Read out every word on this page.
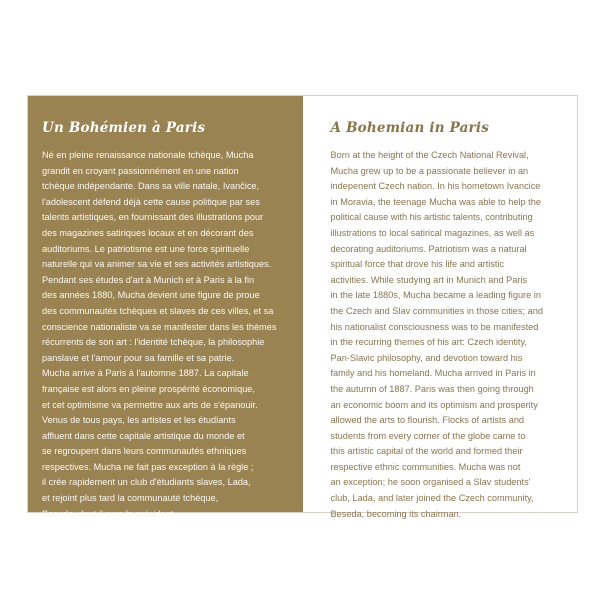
Un Bohémien à Paris

Né en pleine renaissance nationale tchèque, Mucha
grandit en croyant passionnément en une nation
tchèque indépendante. Dans sa ville natale, Ivančice,
l'adolescent défend déjà cette cause politique par ses
talents artistiques, en fournissant des illustrations pour
des magazines satiriques locaux et en décorant des
auditoriums. Le patriotisme est une force spirituelle
naturelle qui va animer sa vie et ses activités artistiques.
Pendant ses études d'art à Munich et à Paris à la fin
des années 1880, Mucha devient une figure de proue
des communautés tchèques et slaves de ces villes, et sa
conscience nationaliste va se manifester dans les thèmes
récurrents de son art : l'identité tchèque, la philosophie
panslave et l'amour pour sa famille et sa patrie.
Mucha arrive à Paris à l'automne 1887. La capitale
française est alors en pleine prospérité économique,
et cet optimisme va permettre aux arts de s'épanouir.
Venus de tous pays, les artistes et les étudiants
affluent dans cette capitale artistique du monde et
se regroupent dans leurs communautés ethniques
respectives. Mucha ne fait pas exception à la règle ;
il crée rapidement un club d'étudiants slaves, Lada,
et rejoint plus tard la communauté tchèque,
Beseda, dont il sera le président.

A Bohemian in Paris

Born at the height of the Czech National Revival,
Mucha grew up to be a passionate believer in an
indepenent Czech nation. In his hometown Ivancice
in Moravia, the teenage Mucha was able to help the
political cause with his artistic talents, contributing
illustrations to local satirical magazines, as well as
decorating auditoriums. Patriotism was a natural
spiritual force that drove his life and artistic
activities. While studying art in Munich and Paris
in the late 1880s, Mucha became a leading figure in
the Czech and Slav communities in those cities; and
his nationalist consciousness was to be manifested
in the recurring themes of his art: Czech identity,
Pan-Slavic philosophy, and devotion toward his
family and his homeland. Mucha arrived in Paris in
the autumn of 1887. Paris was then going through
an economic boom and its optimism and prosperity
allowed the arts to flourish. Flocks of artists and
students from every corner of the globe came to
this artistic capital of the world and formed their
respective ethnic communities. Mucha was not
an exception; he soon organised a Slav students'
club, Lada, and later joined the Czech community,
Beseda, becoming its chairman.
